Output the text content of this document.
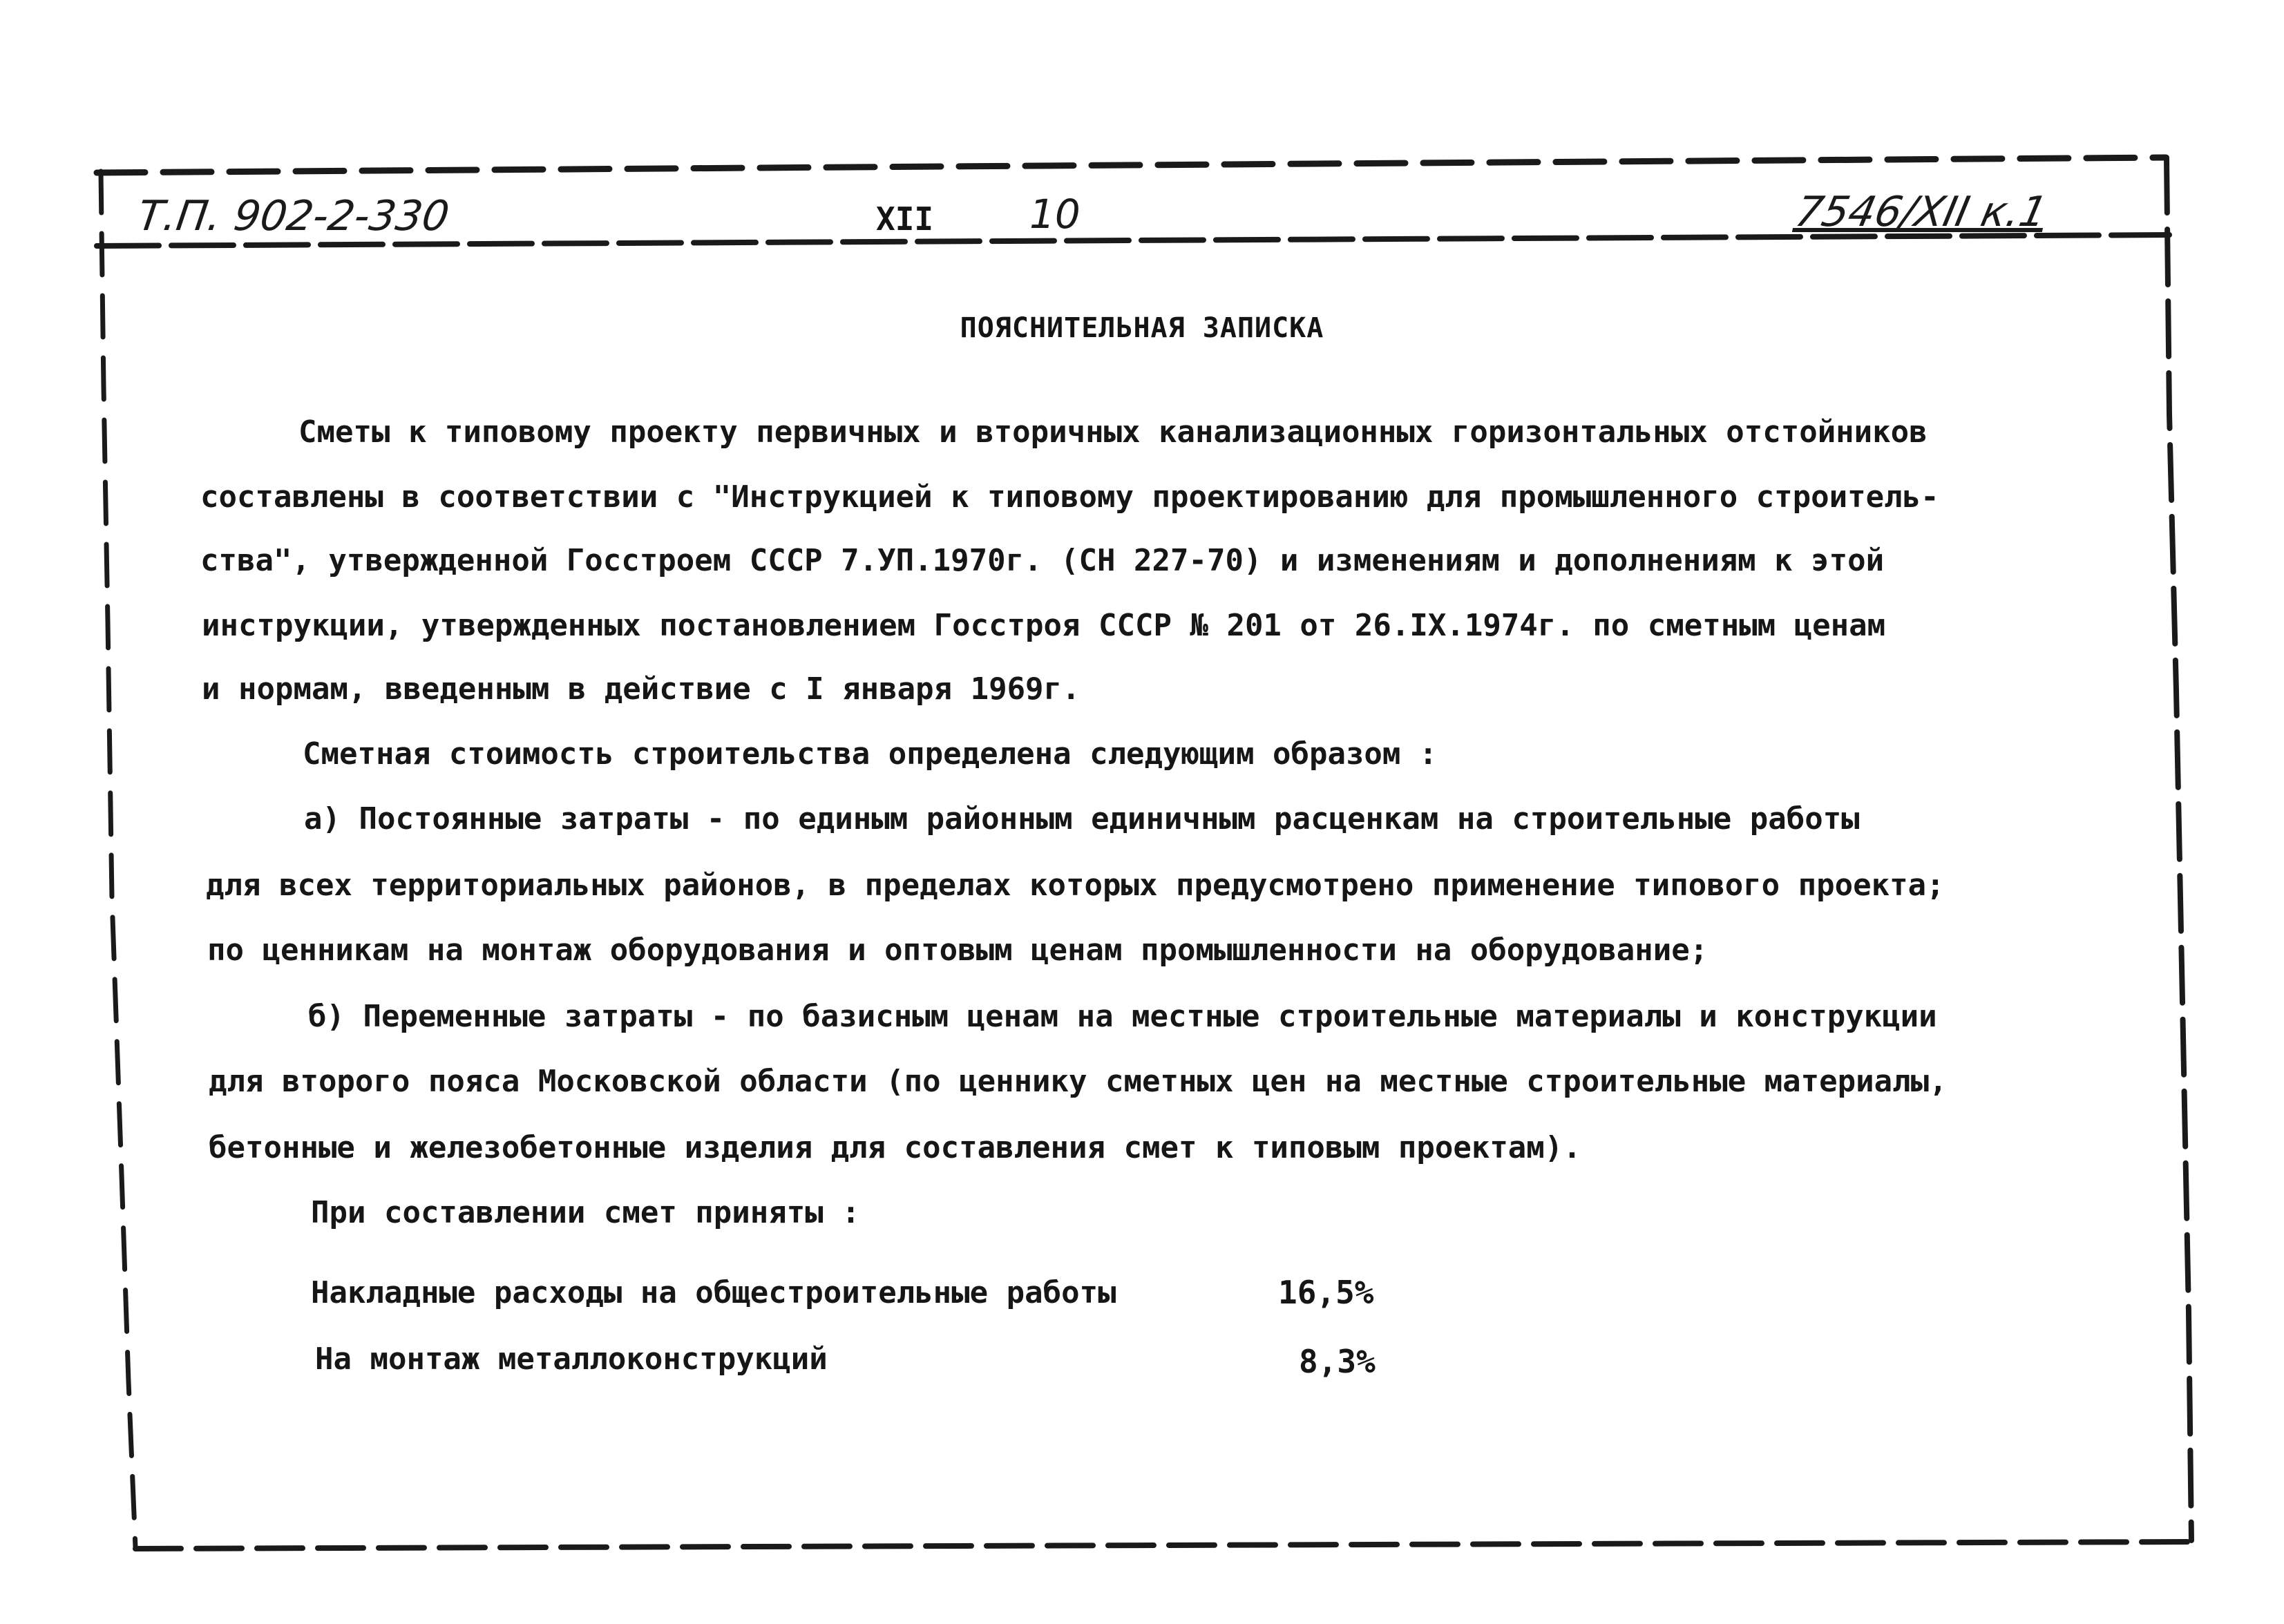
Т.П. 902-2-330	ХII 10	7546/ХII к.1
ПОЯСНИТЕЛЬНАЯ ЗАПИСКА
Сметы к типовому проекту первичных и вторичных канализационных горизонтальных отстойников
составлены в соответствии с "Инструкцией к типовому проектированию для промышленного строитель-
ства", утвержденной Госстроем СССР 7.УП.1970г. (СН 227-70) и изменениям и дополнениям к этой
инструкции, утвержденных постановлением Госстроя СССР № 201 от 26.IX.1974г. по сметным ценам
и нормам, введенным в действие с I января 1969г.
Сметная стоимость строительства определена следующим образом :
а) Постоянные затраты - по единым районным единичным расценкам на строительные работы
для всех территориальных районов, в пределах которых предусмотрено применение типового проекта;
по ценникам на монтаж оборудования и оптовым ценам промышленности на оборудование;
б) Переменные затраты - по базисным ценам на местные строительные материалы и конструкции
для второго пояса Московской области (по ценнику сметных цен на местные строительные материалы,
бетонные и железобетонные изделия для составления смет к типовым проектам).
При составлении смет приняты :
Накладные расходы на общестроительные работы	16,5%
На монтаж металлоконструкций	8,3%
